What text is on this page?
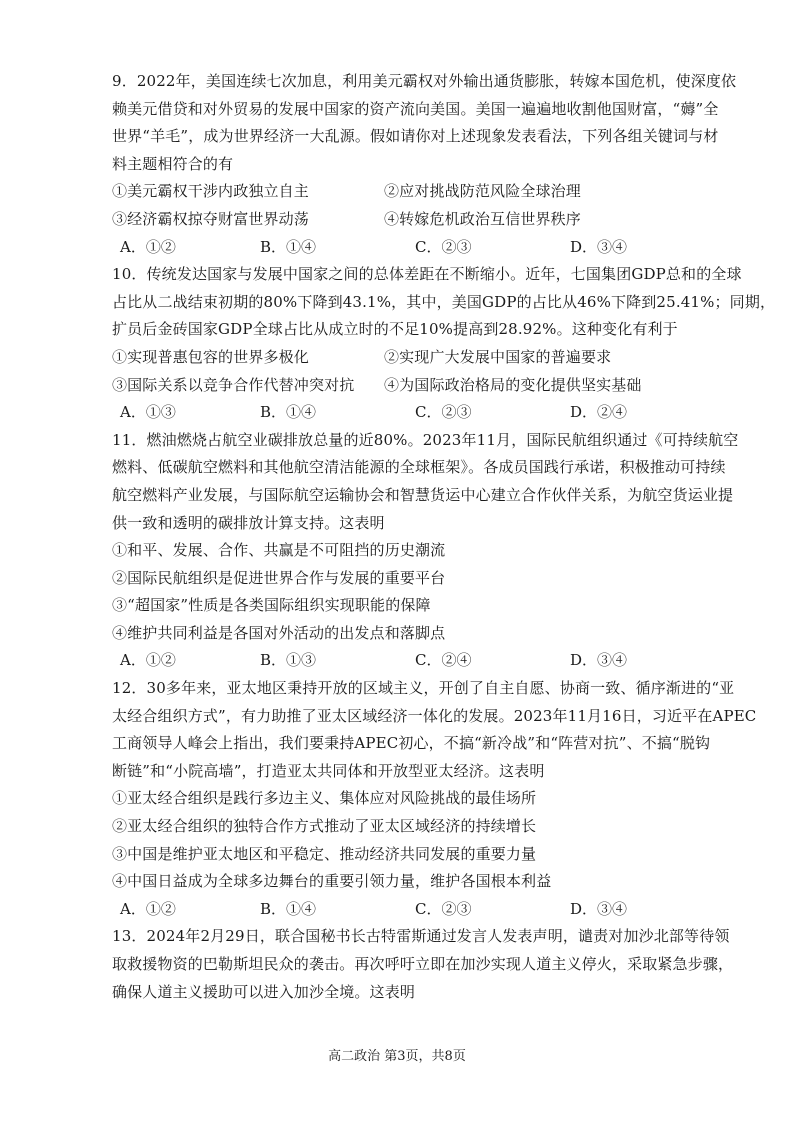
9．2022年，美国连续七次加息，利用美元霸权对外输出通货膨胀，转嫁本国危机，使深度依
赖美元借贷和对外贸易的发展中国家的资产流向美国。美国一遍遍地收割他国财富，“薅”全
世界“羊毛”，成为世界经济一大乱源。假如请你对上述现象发表看法，下列各组关键词与材
料主题相符合的有
①美元霸权干涉内政独立自主	②应对挑战防范风险全球治理
③经济霸权掠夺财富世界动荡	④转嫁危机政治互信世界秩序
A．①②	B．①④	C．②③	D．③④
10．传统发达国家与发展中国家之间的总体差距在不断缩小。近年，七国集团GDP总和的全球
占比从二战结束初期的80%下降到43.1%，其中，美国GDP的占比从46%下降到25.41%；同期，
扩员后金砖国家GDP全球占比从成立时的不足10%提高到28.92%。这种变化有利于
①实现普惠包容的世界多极化	②实现广大发展中国家的普遍要求
③国际关系以竞争合作代替冲突对抗	④为国际政治格局的变化提供坚实基础
A．①③	B．①④	C．②③	D．②④
11．燃油燃烧占航空业碳排放总量的近80%。2023年11月，国际民航组织通过《可持续航空
燃料、低碳航空燃料和其他航空清洁能源的全球框架》。各成员国践行承诺，积极推动可持续
航空燃料产业发展，与国际航空运输协会和智慧货运中心建立合作伙伴关系，为航空货运业提
供一致和透明的碳排放计算支持。这表明
①和平、发展、合作、共赢是不可阻挡的历史潮流
②国际民航组织是促进世界合作与发展的重要平台
③“超国家”性质是各类国际组织实现职能的保障
④维护共同利益是各国对外活动的出发点和落脚点
A．①②	B．①③	C．②④	D．③④
12．30多年来，亚太地区秉持开放的区域主义，开创了自主自愿、协商一致、循序渐进的“亚
太经合组织方式”，有力助推了亚太区域经济一体化的发展。2023年11月16日，习近平在APEC
工商领导人峰会上指出，我们要秉持APEC初心，不搞“新冷战”和“阵营对抗”、不搞“脱钩
断链”和“小院高墙”，打造亚太共同体和开放型亚太经济。这表明
①亚太经合组织是践行多边主义、集体应对风险挑战的最佳场所
②亚太经合组织的独特合作方式推动了亚太区域经济的持续增长
③中国是维护亚太地区和平稳定、推动经济共同发展的重要力量
④中国日益成为全球多边舞台的重要引领力量，维护各国根本利益
A．①②	B．①④	C．②③	D．③④
13．2024年2月29日，联合国秘书长古特雷斯通过发言人发表声明，谴责对加沙北部等待领
取救援物资的巴勒斯坦民众的袭击。再次呼吁立即在加沙实现人道主义停火，采取紧急步骤，
确保人道主义援助可以进入加沙全境。这表明
高二政治 第3页，共8页
